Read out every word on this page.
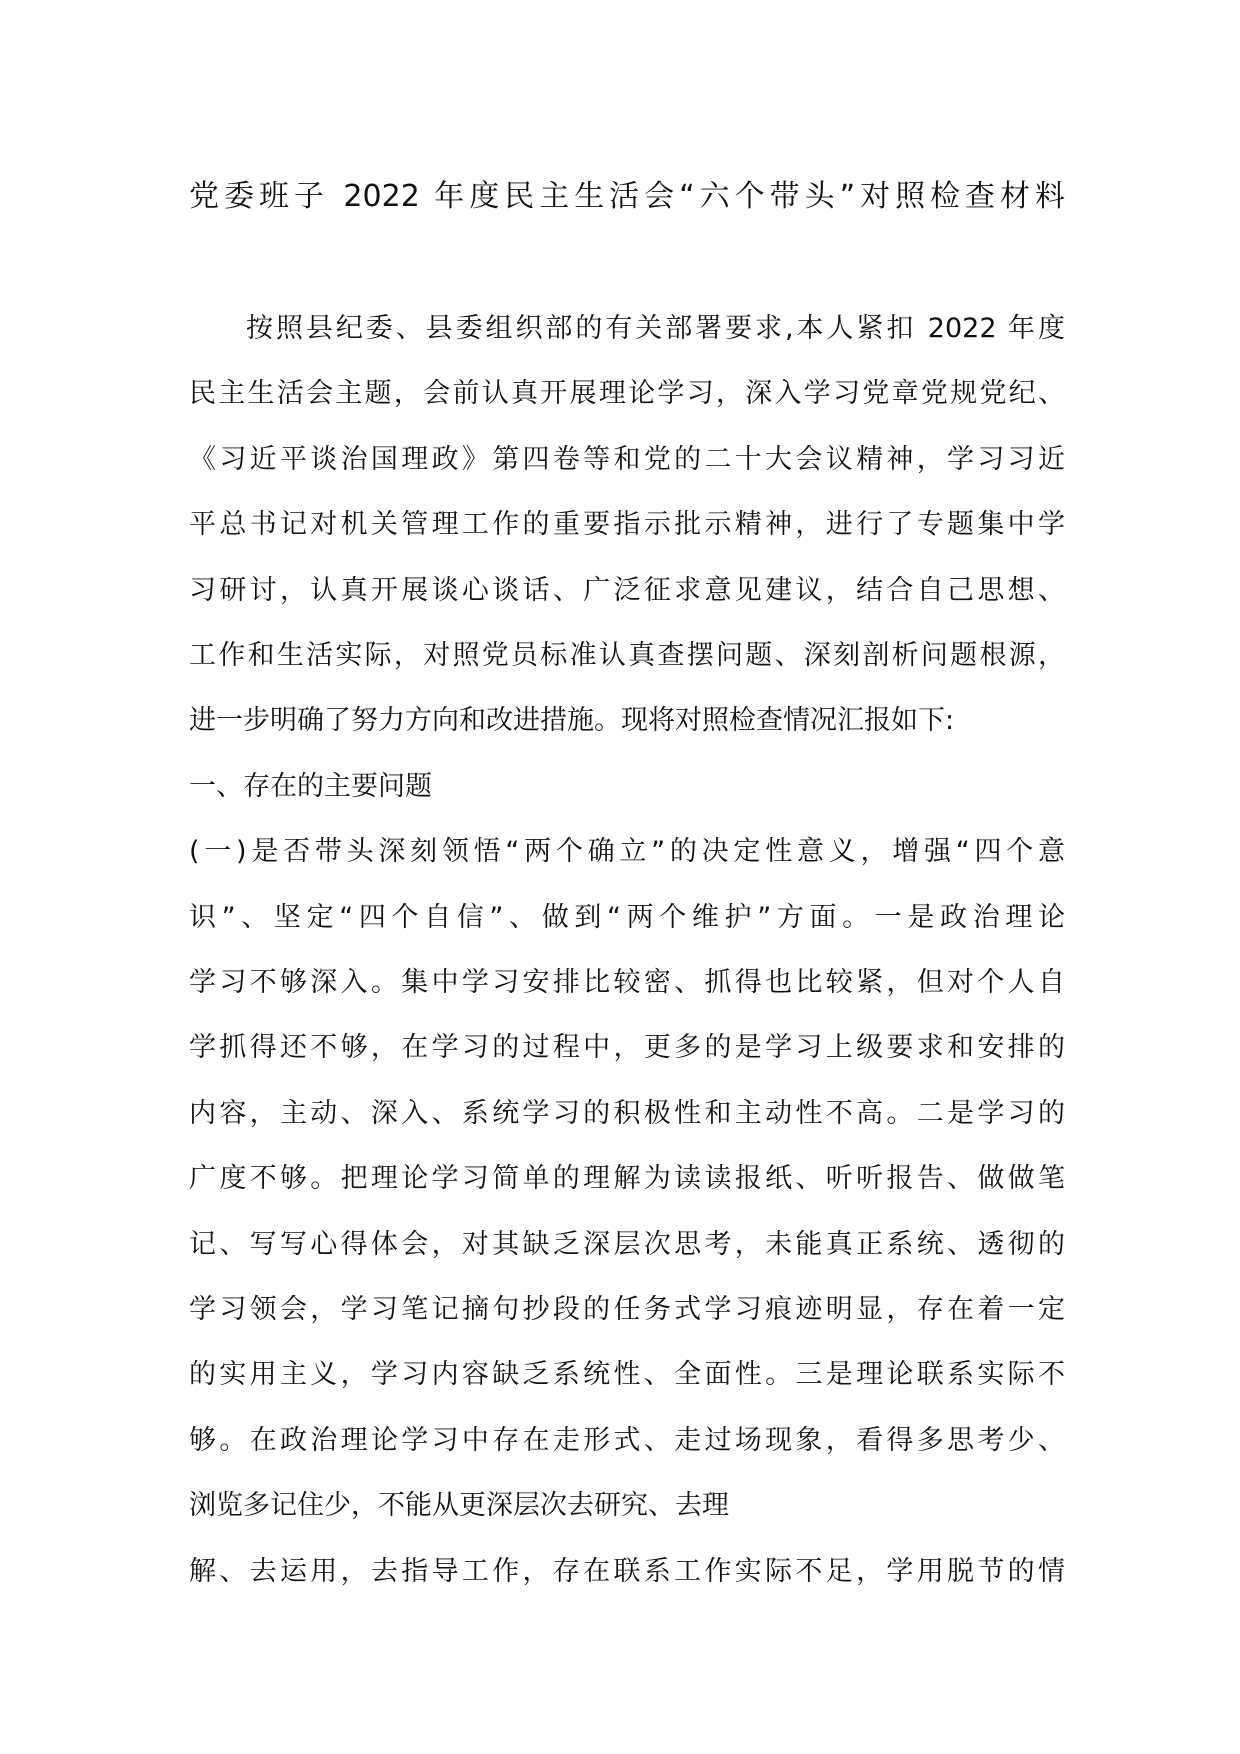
党委班子 2022 年度民主生活会“六个带头”对照检查材料
按照县纪委、县委组织部的有关部署要求,本人紧扣 2022 年度
民主生活会主题，会前认真开展理论学习，深入学习党章党规党纪、
《习近平谈治国理政》第四卷等和党的二十大会议精神，学习习近
平总书记对机关管理工作的重要指示批示精神，进行了专题集中学
习研讨，认真开展谈心谈话、广泛征求意见建议，结合自己思想、
工作和生活实际，对照党员标准认真查摆问题、深刻剖析问题根源，
进一步明确了努力方向和改进措施。现将对照检查情况汇报如下:
一、存在的主要问题
(一)是否带头深刻领悟“两个确立”的决定性意义，增强“四个意
识”、坚定“四个自信”、做到“两个维护”方面。一是政治理论
学习不够深入。集中学习安排比较密、抓得也比较紧，但对个人自
学抓得还不够，在学习的过程中，更多的是学习上级要求和安排的
内容，主动、深入、系统学习的积极性和主动性不高。二是学习的
广度不够。把理论学习简单的理解为读读报纸、听听报告、做做笔
记、写写心得体会，对其缺乏深层次思考，未能真正系统、透彻的
学习领会，学习笔记摘句抄段的任务式学习痕迹明显，存在着一定
的实用主义，学习内容缺乏系统性、全面性。三是理论联系实际不
够。在政治理论学习中存在走形式、走过场现象，看得多思考少、
浏览多记住少，不能从更深层次去研究、去理
解、去运用，去指导工作，存在联系工作实际不足，学用脱节的情
